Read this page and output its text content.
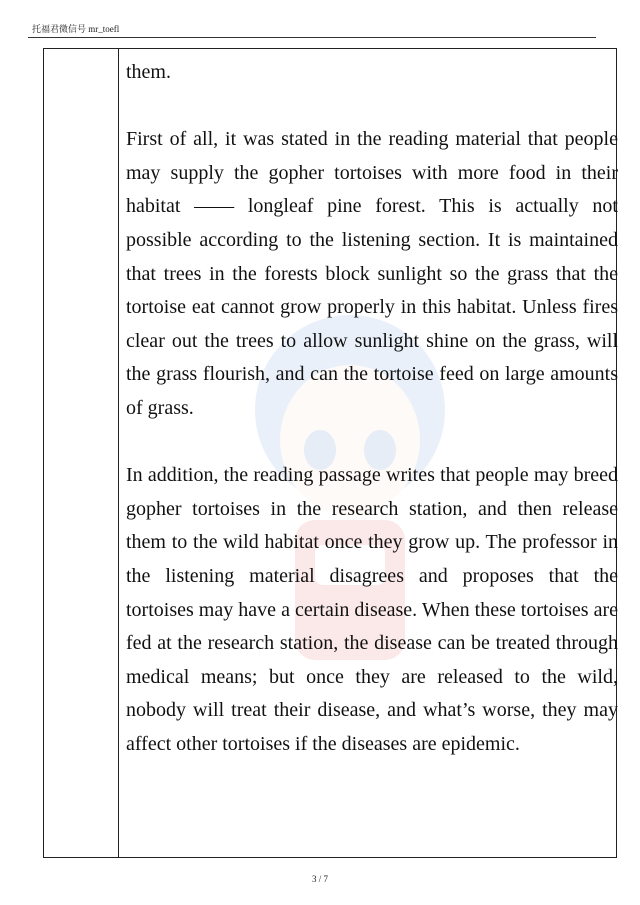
托福君微信号 mr_toefl

them.

First of all, it was stated in the reading material that people may supply the gopher tortoises with more food in their habitat —— longleaf pine forest. This is actually not possible according to the listening section. It is maintained that trees in the forests block sunlight so the grass that the tortoise eat cannot grow properly in this habitat. Unless fires clear out the trees to allow sunlight shine on the grass, will the grass flourish, and can the tortoise feed on large amounts of grass.

In addition, the reading passage writes that people may breed gopher tortoises in the research station, and then release them to the wild habitat once they grow up. The professor in the listening material disagrees and proposes that the tortoises may have a certain disease. When these tortoises are fed at the research station, the disease can be treated through medical means; but once they are released to the wild, nobody will treat their disease, and what’s worse, they may affect other tortoises if the diseases are epidemic.

3 / 7
